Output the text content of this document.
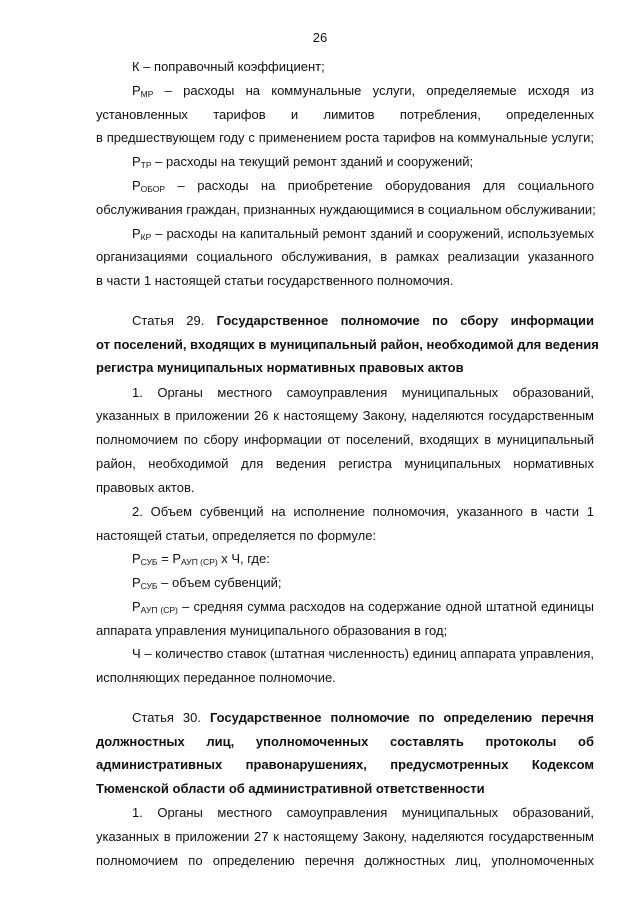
26
К – поправочный коэффициент;
$Р_{МР}$ – расходы на коммунальные услуги, определяемые исходя из
установленных тарифов и лимитов потребления, определенных
в предшествующем году с применением роста тарифов на коммунальные услуги;
$Р_{ТР}$ – расходы на текущий ремонт зданий и сооружений;
$Р_{ОБОР}$ – расходы на приобретение оборудования для социального
обслуживания граждан, признанных нуждающимися в социальном обслуживании;
$Р_{КР}$ – расходы на капитальный ремонт зданий и сооружений, используемых
организациями социального обслуживания, в рамках реализации указанного
в части 1 настоящей статьи государственного полномочия.
Статья 29. Государственное полномочие по сбору информации
от поселений, входящих в муниципальный район, необходимой для ведения
регистра муниципальных нормативных правовых актов
1. Органы местного самоуправления муниципальных образований,
указанных в приложении 26 к настоящему Закону, наделяются государственным
полномочием по сбору информации от поселений, входящих в муниципальный
район, необходимой для ведения регистра муниципальных нормативных
правовых актов.
2. Объем субвенций на исполнение полномочия, указанного в части 1
настоящей статьи, определяется по формуле:
$Р_{СУБ} = Р_{АУП (СР)}$ х Ч, где:
$Р_{СУБ}$ – объем субвенций;
$Р_{АУП (СР)}$ – средняя сумма расходов на содержание одной штатной единицы
аппарата управления муниципального образования в год;
Ч – количество ставок (штатная численность) единиц аппарата управления,
исполняющих переданное полномочие.
Статья 30. Государственное полномочие по определению перечня
должностных лиц, уполномоченных составлять протоколы об
административных правонарушениях, предусмотренных Кодексом
Тюменской области об административной ответственности
1. Органы местного самоуправления муниципальных образований,
указанных в приложении 27 к настоящему Закону, наделяются государственным
полномочием по определению перечня должностных лиц, уполномоченных
